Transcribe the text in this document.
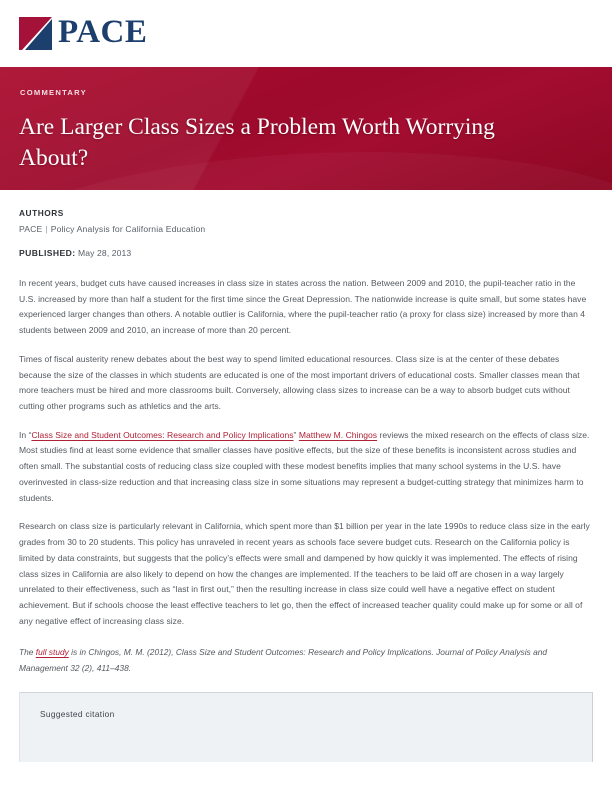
PACE

COMMENTARY

Are Larger Class Sizes a Problem Worth Worrying About?

AUTHORS

PACE | Policy Analysis for California Education

PUBLISHED: May 28, 2013

In recent years, budget cuts have caused increases in class size in states across the nation. Between 2009 and 2010, the pupil-teacher ratio in the U.S. increased by more than half a student for the first time since the Great Depression. The nationwide increase is quite small, but some states have experienced larger changes than others. A notable outlier is California, where the pupil-teacher ratio (a proxy for class size) increased by more than 4 students between 2009 and 2010, an increase of more than 20 percent.

Times of fiscal austerity renew debates about the best way to spend limited educational resources. Class size is at the center of these debates because the size of the classes in which students are educated is one of the most important drivers of educational costs. Smaller classes mean that more teachers must be hired and more classrooms built. Conversely, allowing class sizes to increase can be a way to absorb budget cuts without cutting other programs such as athletics and the arts.

In “Class Size and Student Outcomes: Research and Policy Implications” Matthew M. Chingos reviews the mixed research on the effects of class size. Most studies find at least some evidence that smaller classes have positive effects, but the size of these benefits is inconsistent across studies and often small. The substantial costs of reducing class size coupled with these modest benefits implies that many school systems in the U.S. have overinvested in class-size reduction and that increasing class size in some situations may represent a budget-cutting strategy that minimizes harm to students.

Research on class size is particularly relevant in California, which spent more than $1 billion per year in the late 1990s to reduce class size in the early grades from 30 to 20 students. This policy has unraveled in recent years as schools face severe budget cuts. Research on the California policy is limited by data constraints, but suggests that the policy’s effects were small and dampened by how quickly it was implemented. The effects of rising class sizes in California are also likely to depend on how the changes are implemented. If the teachers to be laid off are chosen in a way largely unrelated to their effectiveness, such as “last in first out,” then the resulting increase in class size could well have a negative effect on student achievement. But if schools choose the least effective teachers to let go, then the effect of increased teacher quality could make up for some or all of any negative effect of increasing class size.

The full study is in Chingos, M. M. (2012), Class Size and Student Outcomes: Research and Policy Implications. Journal of Policy Analysis and Management 32 (2), 411–438.

Suggested citation
